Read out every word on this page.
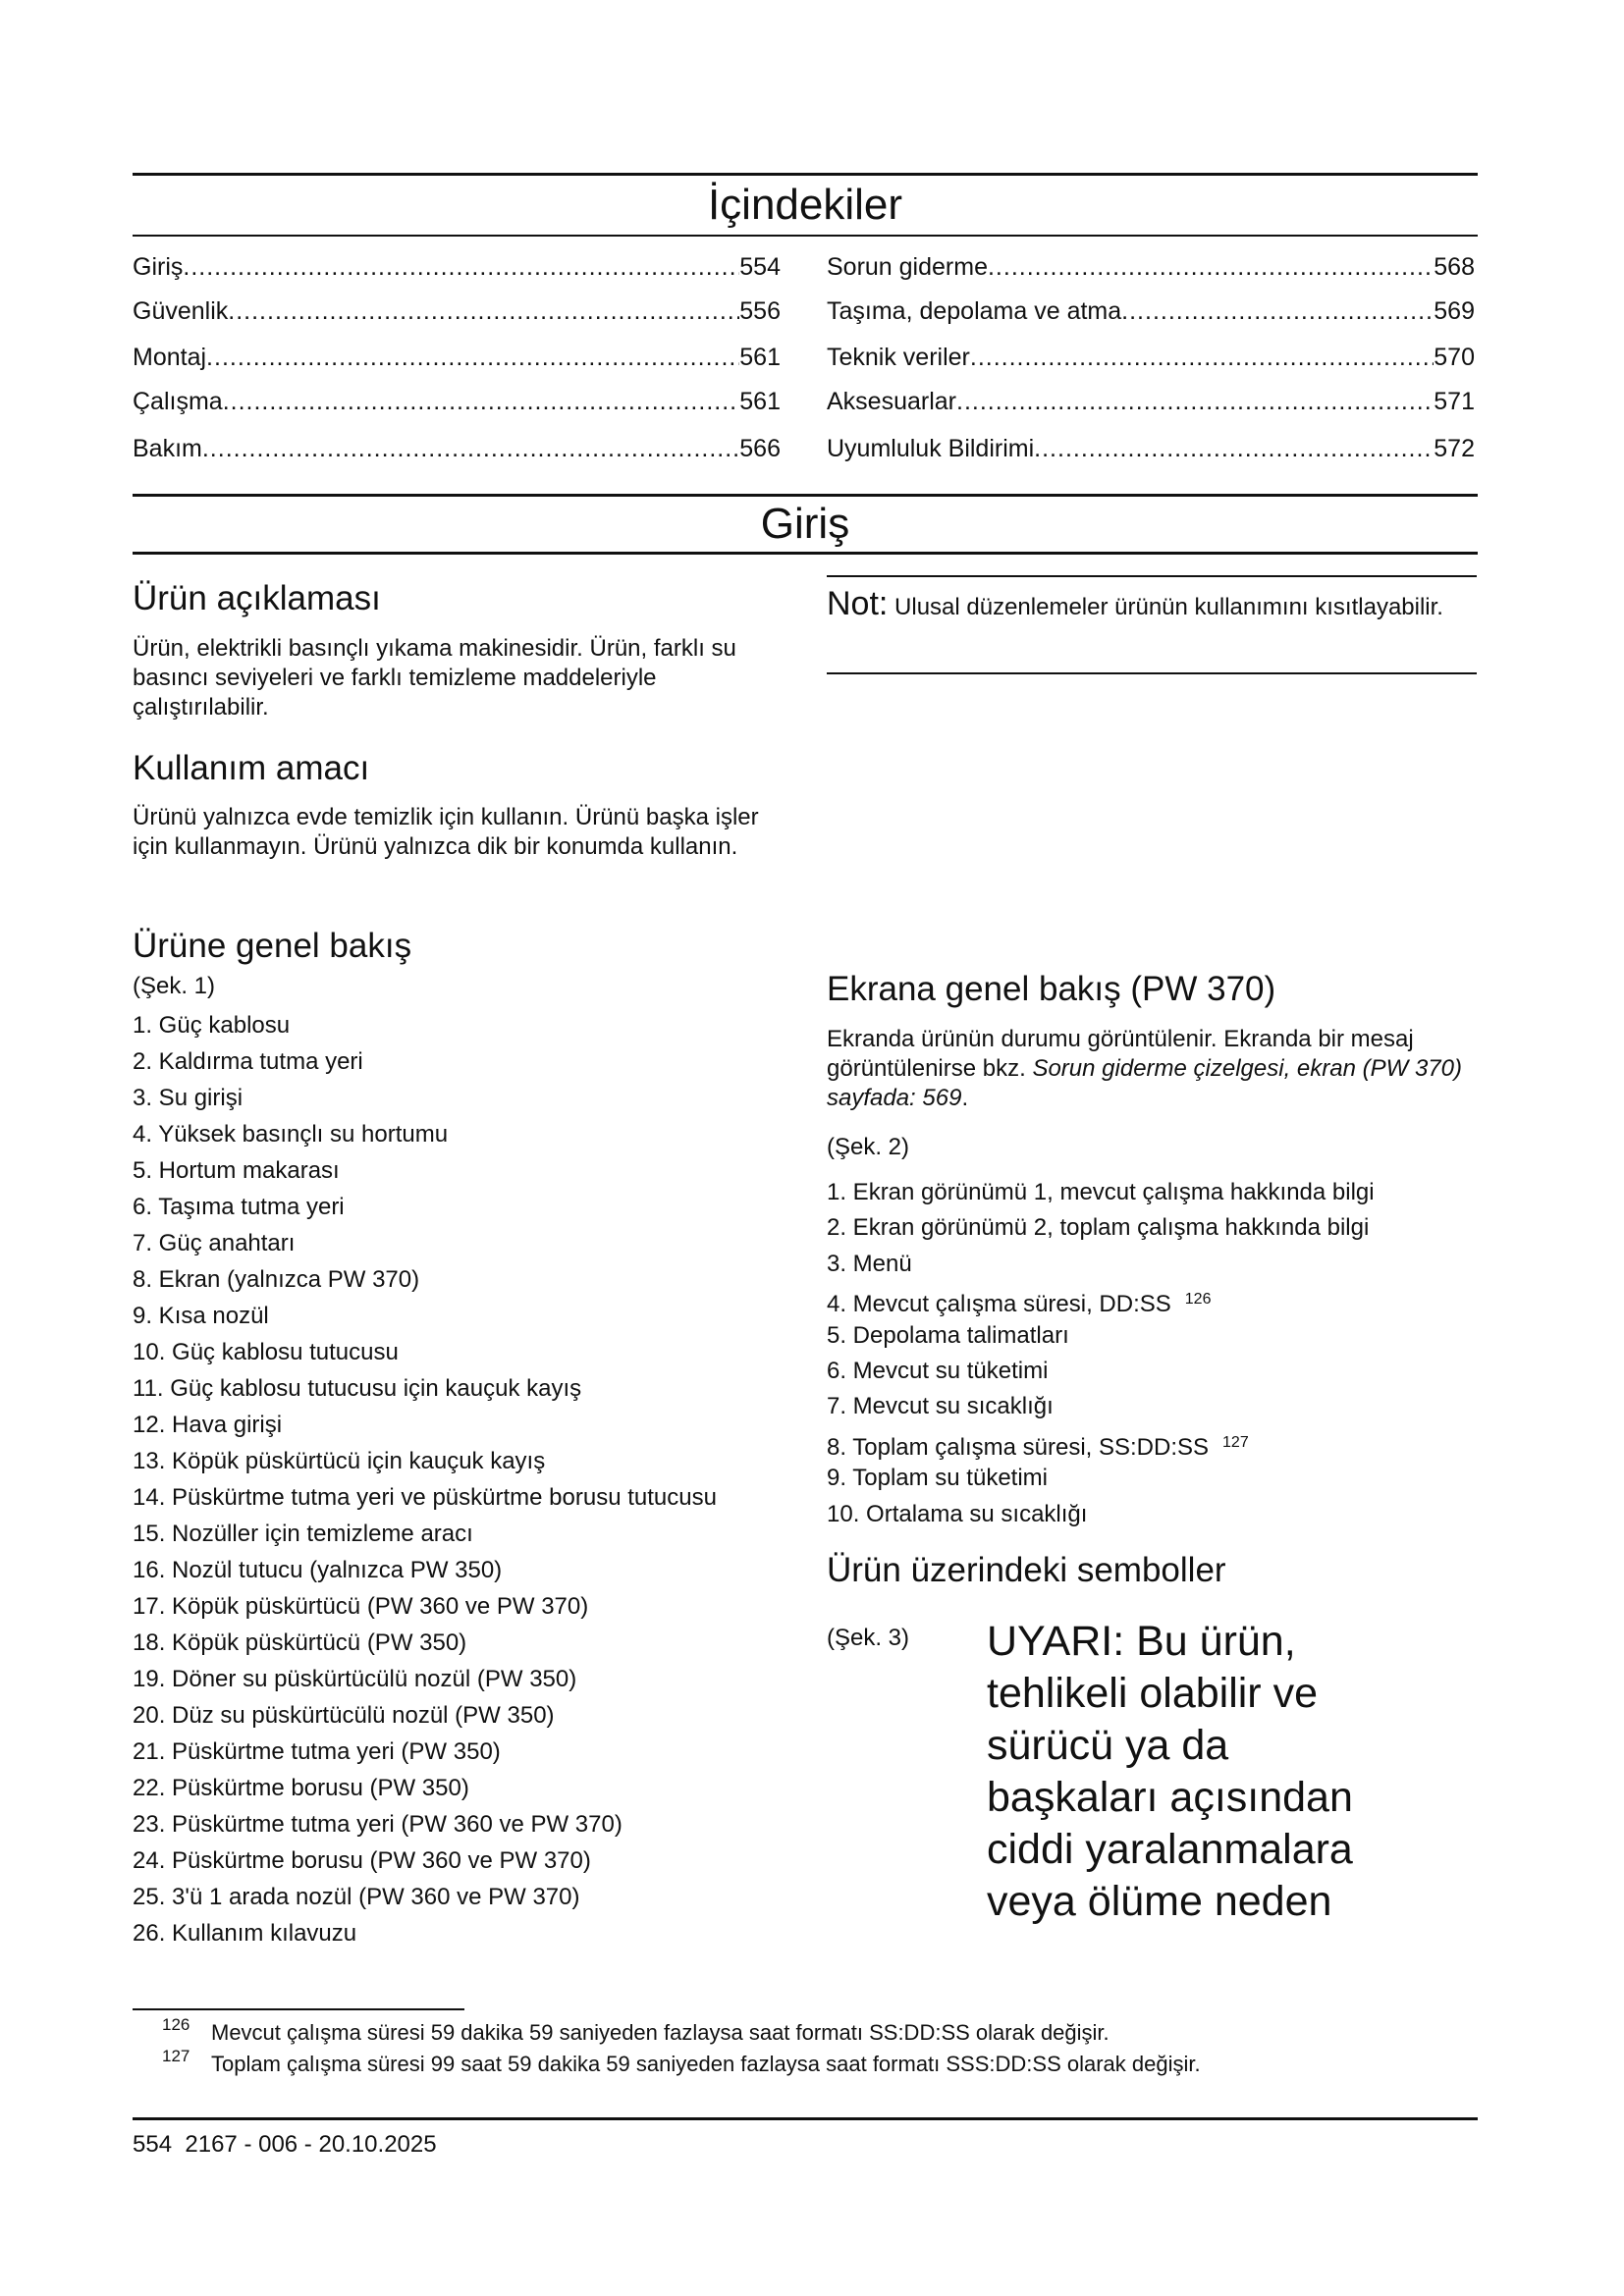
İçindekiler
Giriş .....	554
Güvenlik .....	556
Montaj .....	561
Çalışma .....	561
Bakım .....	566
Sorun giderme .....	568
Taşıma, depolama ve atma .....	569
Teknik veriler .....	570
Aksesuarlar .....	571
Uyumluluk Bildirimi .....	572
Giriş
Ürün açıklaması

Ürün, elektrikli basınçlı yıkama makinesidir. Ürün, farklı su basıncı seviyeleri ve farklı temizleme maddeleriyle çalıştırılabilir.

Kullanım amacı

Ürünü yalnızca evde temizlik için kullanın. Ürünü başka işler için kullanmayın. Ürünü yalnızca dik bir konumda kullanın.

Ürüne genel bakış
(Şek. 1)
1. Güç kablosu
2. Kaldırma tutma yeri
3. Su girişi
4. Yüksek basınçlı su hortumu
5. Hortum makarası
6. Taşıma tutma yeri
7. Güç anahtarı
8. Ekran (yalnızca PW 370)
9. Kısa nozül
10. Güç kablosu tutucusu
11. Güç kablosu tutucusu için kauçuk kayış
12. Hava girişi
13. Köpük püskürtücü için kauçuk kayış
14. Püskürtme tutma yeri ve püskürtme borusu tutucusu
15. Nozüller için temizleme aracı
16. Nozül tutucu (yalnızca PW 350)
17. Köpük püskürtücü (PW 360 ve PW 370)
18. Köpük püskürtücü (PW 350)
19. Döner su püskürtücülü nozül (PW 350)
20. Düz su püskürtücülü nozül (PW 350)
21. Püskürtme tutma yeri (PW 350)
22. Püskürtme borusu (PW 350)
23. Püskürtme tutma yeri (PW 360 ve PW 370)
24. Püskürtme borusu (PW 360 ve PW 370)
25. 3'ü 1 arada nozül (PW 360 ve PW 370)
26. Kullanım kılavuzu
Not: Ulusal düzenlemeler ürünün kullanımını kısıtlayabilir.
Ekrana genel bakış (PW 370)

Ekranda ürünün durumu görüntülenir. Ekranda bir mesaj görüntülenirse bkz. Sorun giderme çizelgesi, ekran (PW 370) sayfada: 569.

(Şek. 2)
1. Ekran görünümü 1, mevcut çalışma hakkında bilgi
2. Ekran görünümü 2, toplam çalışma hakkında bilgi
3. Menü
4. Mevcut çalışma süresi, DD:SS $^{126}$
5. Depolama talimatları
6. Mevcut su tüketimi
7. Mevcut su sıcaklığı
8. Toplam çalışma süresi, SS:DD:SS $^{127}$
9. Toplam su tüketimi
10. Ortalama su sıcaklığı
Ürün üzerindeki semboller
(Şek. 3) UYARI: Bu ürün, tehlikeli olabilir ve sürücü ya da başkaları açısından ciddi yaralanmalara veya ölüme neden

126 Mevcut çalışma süresi 59 dakika 59 saniyeden fazlaysa saat formatı SS:DD:SS olarak değişir.
127 Toplam çalışma süresi 99 saat 59 dakika 59 saniyeden fazlaysa saat formatı SSS:DD:SS olarak değişir.
554  2167 - 006 - 20.10.2025
